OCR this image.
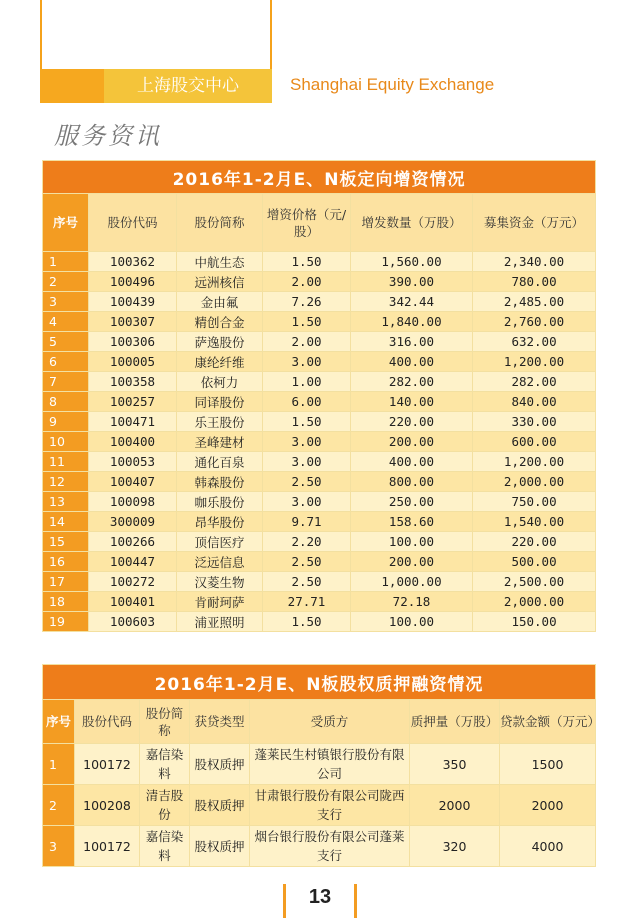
上海股交中心	Shanghai Equity Exchange
服务资讯
2016年1-2月E、N板定向增资情况					
序号	股份代码	股份简称	增资价格（元/股）	增发数量（万股）	募集资金（万元）
1	100362	中航生态	1.50	1,560.00	2,340.00
2	100496	远洲核信	2.00	390.00	780.00
3	100439	金由氟	7.26	342.44	2,485.00
4	100307	精创合金	1.50	1,840.00	2,760.00
5	100306	萨逸股份	2.00	316.00	632.00
6	100005	康纶纤维	3.00	400.00	1,200.00
7	100358	依柯力	1.00	282.00	282.00
8	100257	同译股份	6.00	140.00	840.00
9	100471	乐王股份	1.50	220.00	330.00
10	100400	圣峰建材	3.00	200.00	600.00
11	100053	通化百泉	3.00	400.00	1,200.00
12	100407	韩森股份	2.50	800.00	2,000.00
13	100098	咖乐股份	3.00	250.00	750.00
14	300009	昂华股份	9.71	158.60	1,540.00
15	100266	顶信医疗	2.20	100.00	220.00
16	100447	泛远信息	2.50	200.00	500.00
17	100272	汉菱生物	2.50	1,000.00	2,500.00
18	100401	肯耐珂萨	27.71	72.18	2,000.00
19	100603	浦亚照明	1.50	100.00	150.00
2016年1-2月E、N板股权质押融资情况						
序号	股份代码	股份简称	获贷类型	受质方	质押量（万股）	贷款金额（万元）
1	100172	嘉信染料	股权质押	蓬莱民生村镇银行股份有限公司	350	1500
2	100208	清吉股份	股权质押	甘肃银行股份有限公司陇西支行	2000	2000
3	100172	嘉信染料	股权质押	烟台银行股份有限公司蓬莱支行	320	4000
13
